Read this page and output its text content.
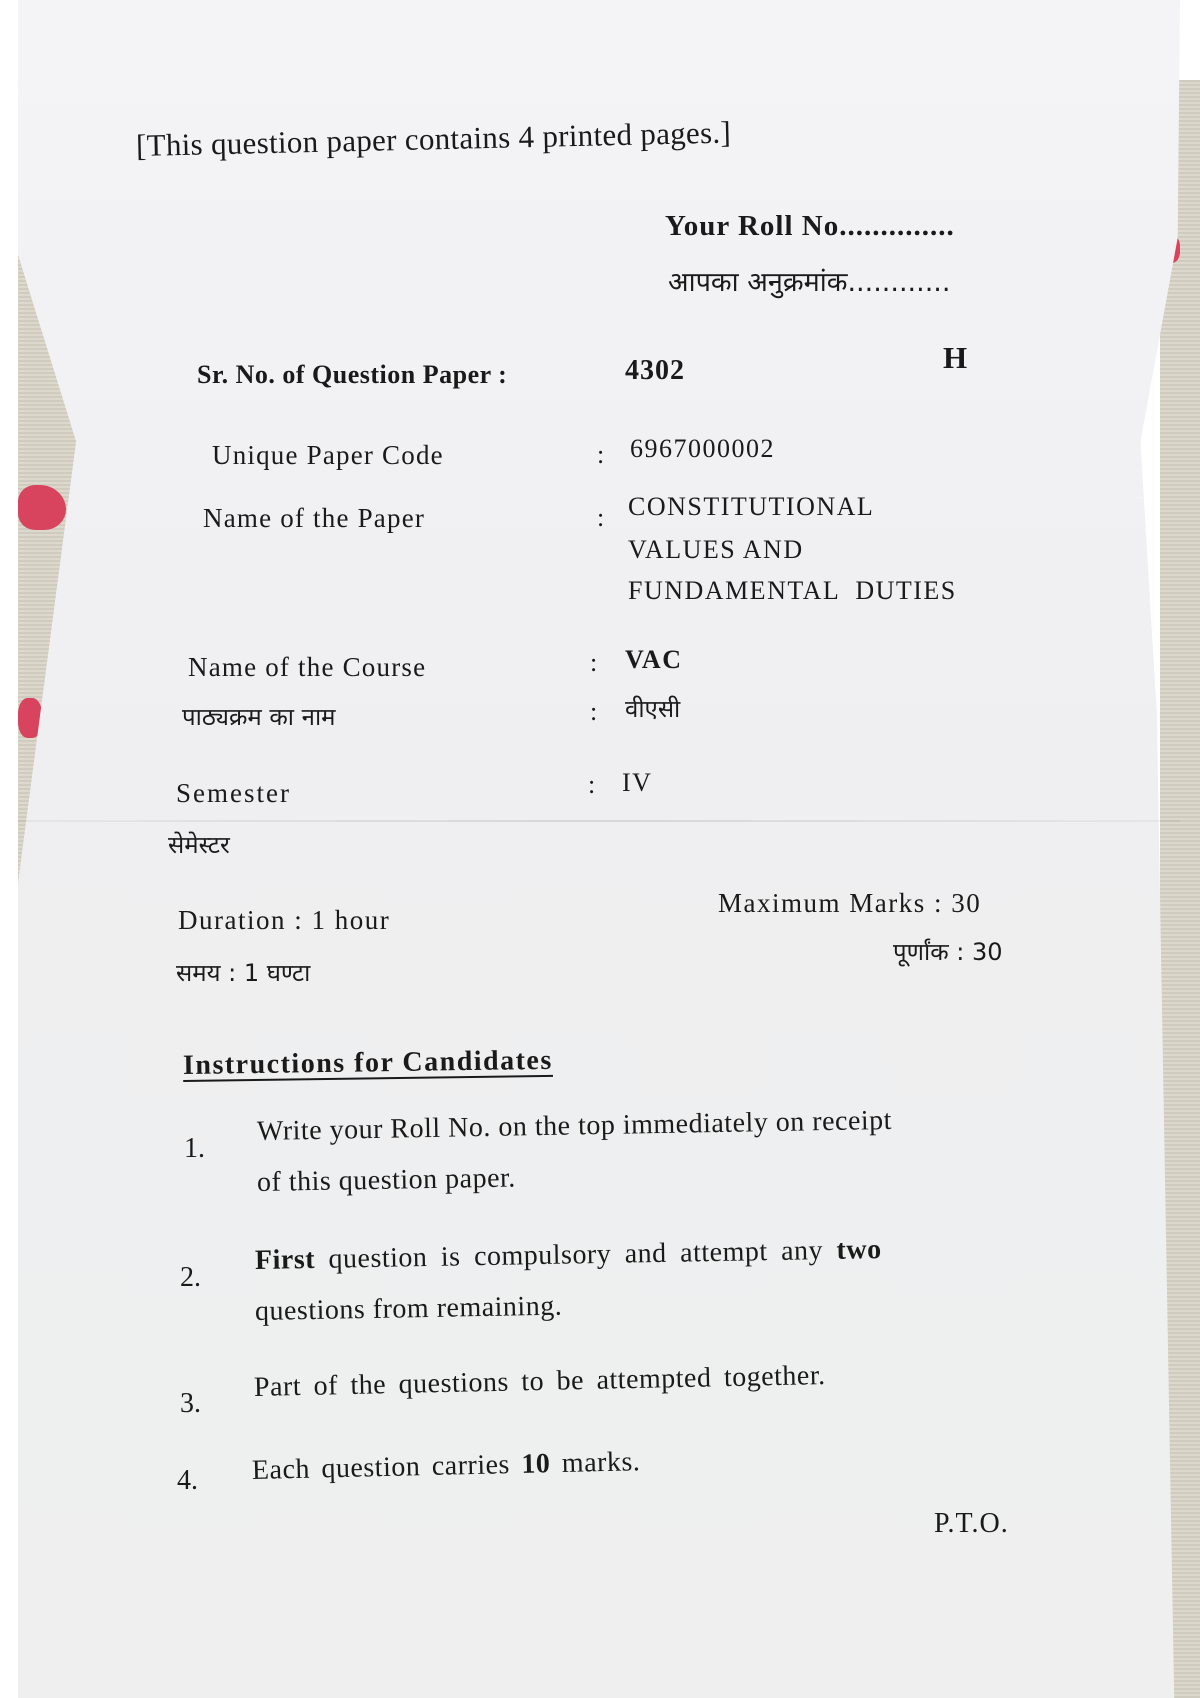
[This question paper contains 4 printed pages.]
Your Roll No..............
आपका अनुक्रमांक............
Sr. No. of Question Paper :	4302	H
Unique Paper Code	: 6967000002
Name of the Paper	: CONSTITUTIONAL
VALUES AND
FUNDAMENTAL DUTIES
Name of the Course	: VAC
पाठ्यक्रम का नाम	: वीएसी
Semester	: IV
सेमेस्टर
Duration : 1 hour
समय : 1 घण्टा
Maximum Marks : 30
पूर्णांक : 30
Instructions for Candidates
1.
Write your Roll No. on the top immediately on receipt
of this question paper.
2.
First question is compulsory and attempt any two
questions from remaining.
3.
Part of the questions to be attempted together.
4. Each question carries 10 marks.
P.T.O.
